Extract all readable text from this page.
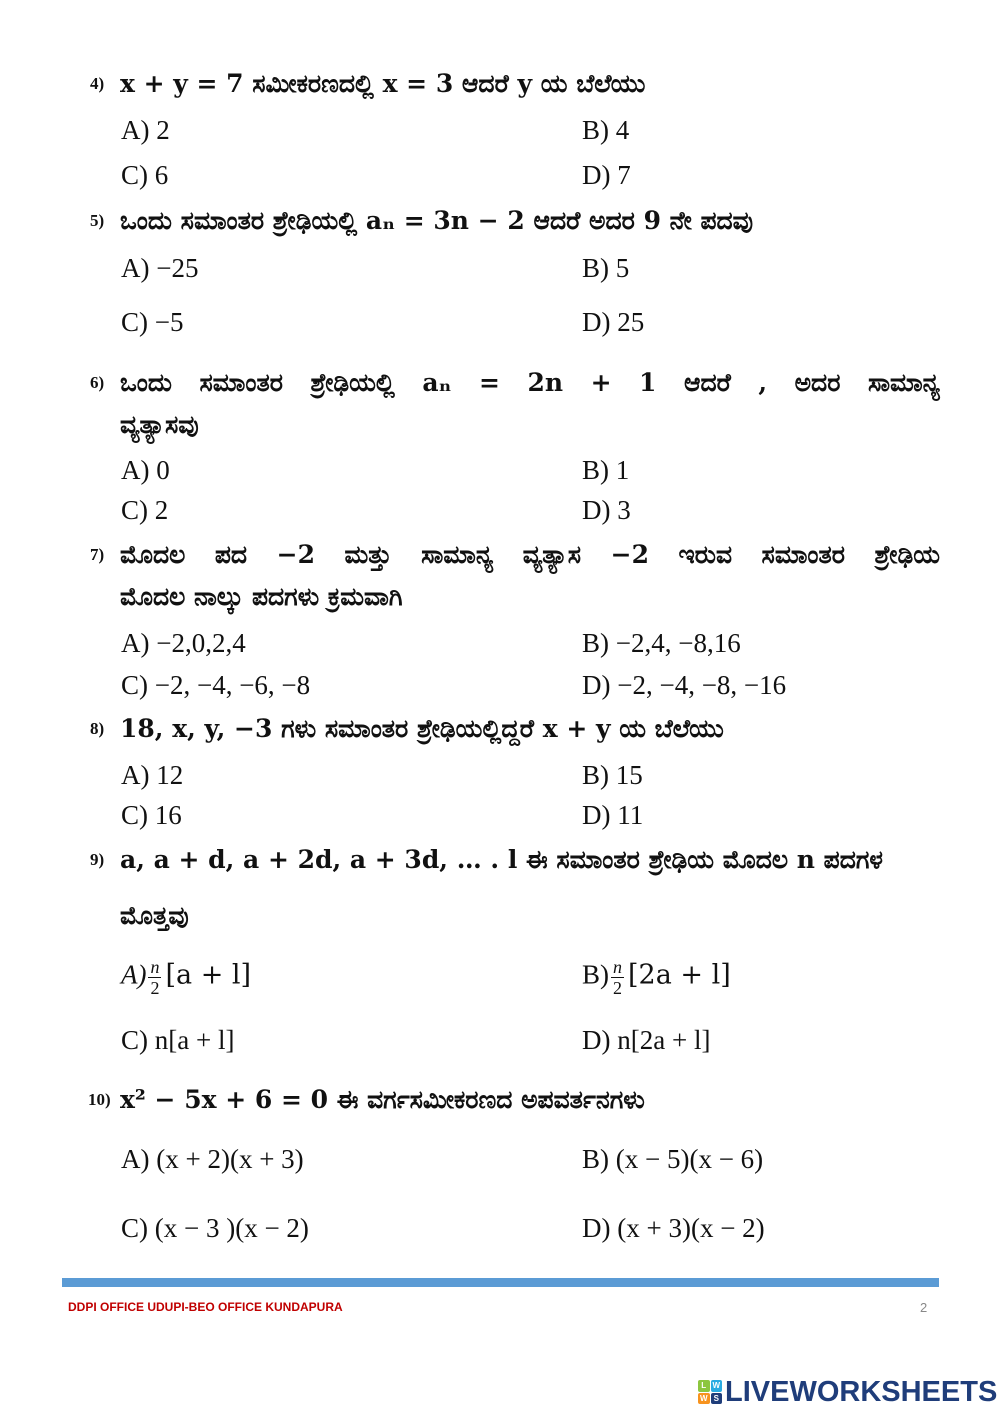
4) x + y = 7 ಸಮೀಕರಣದಲ್ಲಿ x = 3 ಆದರೆ y ಯ ಬೆಲೆಯು
A) 2	B) 4
C) 6	D) 7
5) ಒಂದು ಸಮಾಂತರ ಶ್ರೇಢಿಯಲ್ಲಿ aₙ = 3n − 2 ಆದರೆ ಅದರ 9 ನೇ ಪದವು
A) −25	B) 5
C) −5	D) 25
6) ಒಂದು ಸಮಾಂತರ ಶ್ರೇಢಿಯಲ್ಲಿ aₙ = 2n + 1 ಆದರೆ , ಅದರ ಸಾಮಾನ್ಯ
ವ್ಯತ್ಯಾಸವು
A) 0	B) 1
C) 2	D) 3
7) ಮೊದಲ ಪದ −2 ಮತ್ತು ಸಾಮಾನ್ಯ ವ್ಯತ್ಯಾಸ −2 ಇರುವ ಸಮಾಂತರ ಶ್ರೇಢಿಯ
ಮೊದಲ ನಾಲ್ಕು ಪದಗಳು ಕ್ರಮವಾಗಿ
A) −2,0,2,4	B) −2,4, −8,16
C) −2, −4, −6, −8	D) −2, −4, −8, −16
8) 18, x, y, −3 ಗಳು ಸಮಾಂತರ ಶ್ರೇಢಿಯಲ್ಲಿದ್ದರೆ x + y ಯ ಬೆಲೆಯು
A) 12	B) 15
C) 16	D) 11
9) a, a + d, a + 2d, a + 3d, … . l ಈ ಸಮಾಂತರ ಶ್ರೇಢಿಯ ಮೊದಲ n ಪದಗಳ
ಮೊತ್ತವು
$A) \frac{n}{2} [a + l]$	$B) \frac{n}{2} [2a + l]$
C) n[a + l]	D) n[2a + l]
10) x² − 5x + 6 = 0 ಈ ವರ್ಗಸಮೀಕರಣದ ಅಪವರ್ತನಗಳು
A) (x + 2)(x + 3)	B) (x − 5)(x − 6)
C) (x − 3 )(x − 2)	D) (x + 3)(x − 2)
DDPI OFFICE UDUPI-BEO OFFICE KUNDAPURA	2
L W
W S LIVEWORKSHEETS
